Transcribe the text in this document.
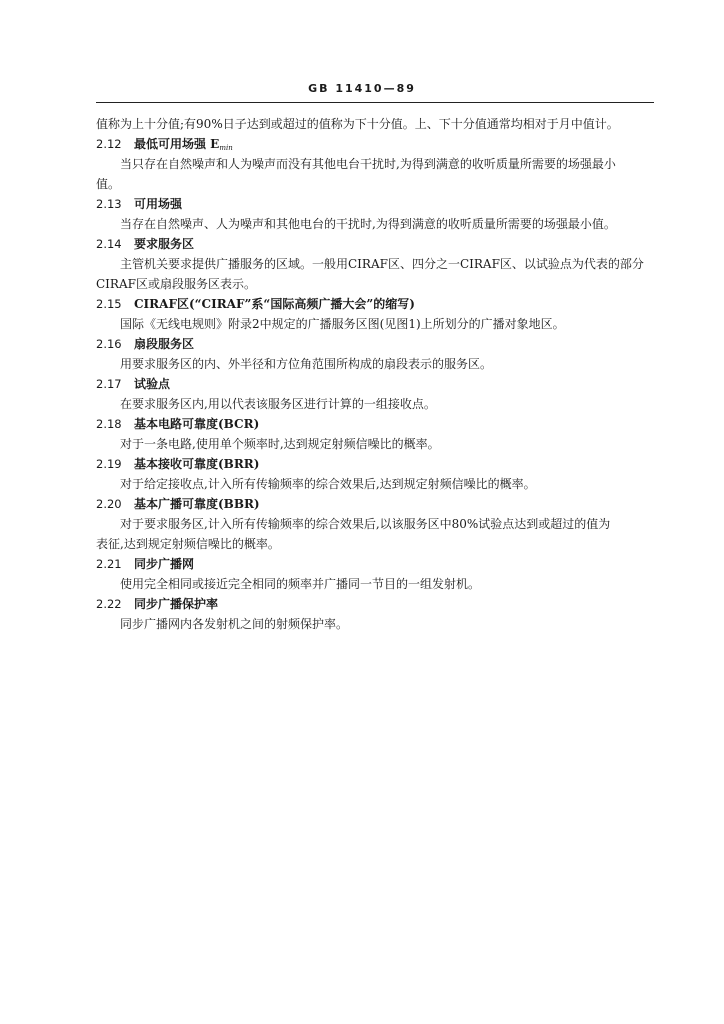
GB 11410—89
值称为上十分值;有90%日子达到或超过的值称为下十分值。上、下十分值通常均相对于月中值计。
2.12 最低可用场强 $E_{min}$
当只存在自然噪声和人为噪声而没有其他电台干扰时,为得到满意的收听质量所需要的场强最小
值。
2.13 可用场强
当存在自然噪声、人为噪声和其他电台的干扰时,为得到满意的收听质量所需要的场强最小值。
2.14 要求服务区
主管机关要求提供广播服务的区域。一般用CIRAF区、四分之一CIRAF区、以试验点为代表的部分
CIRAF区或扇段服务区表示。
2.15 CIRAF区(“CIRAF”系“国际高频广播大会”的缩写)
国际《无线电规则》附录2中规定的广播服务区图(见图1)上所划分的广播对象地区。
2.16 扇段服务区
用要求服务区的内、外半径和方位角范围所构成的扇段表示的服务区。
2.17 试验点
在要求服务区内,用以代表该服务区进行计算的一组接收点。
2.18 基本电路可靠度(BCR)
对于一条电路,使用单个频率时,达到规定射频信噪比的概率。
2.19 基本接收可靠度(BRR)
对于给定接收点,计入所有传输频率的综合效果后,达到规定射频信噪比的概率。
2.20 基本广播可靠度(BBR)
对于要求服务区,计入所有传输频率的综合效果后,以该服务区中80%试验点达到或超过的值为
表征,达到规定射频信噪比的概率。
2.21 同步广播网
使用完全相同或接近完全相同的频率并广播同一节目的一组发射机。
2.22 同步广播保护率
同步广播网内各发射机之间的射频保护率。
